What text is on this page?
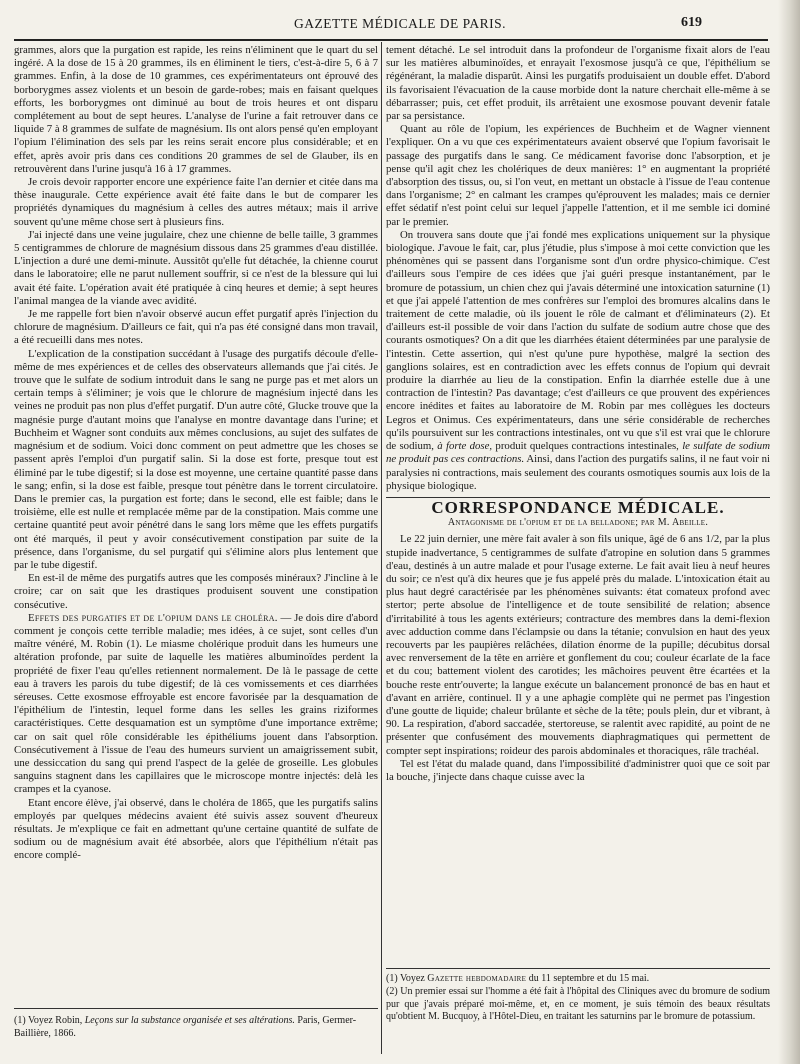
GAZETTE MÉDICALE DE PARIS.	619

grammes, alors que la purgation est rapide, les reins n'éliminent que le quart du sel ingéré. A la dose de 15 à 20 grammes, ils en éliminent le tiers, c'est-à-dire 5, 6 à 7 grammes. Enfin, à la dose de 10 grammes, ces expérimentateurs ont éprouvé des borborygmes assez violents et un besoin de garde-robes; mais en faisant quelques efforts, les borborygmes ont diminué au bout de trois heures et ont disparu complétement au bout de sept heures. L'analyse de l'urine a fait retrouver dans ce liquide 7 à 8 grammes de sulfate de magnésium. Ils ont alors pensé qu'en employant l'opium l'élimination des sels par les reins serait encore plus considérable; et en effet, après avoir pris dans ces conditions 20 grammes de sel de Glauber, ils en retrouvèrent dans l'urine jusqu'à 16 à 17 grammes.

Je crois devoir rapporter encore une expérience faite l'an dernier et citée dans ma thèse inaugurale. Cette expérience avait été faite dans le but de comparer les propriétés dynamiques du magnésium à celles des autres métaux; mais il arrive souvent qu'une même chose sert à plusieurs fins.

J'ai injecté dans une veine jugulaire, chez une chienne de belle taille, 3 grammes 5 centigrammes de chlorure de magnésium dissous dans 25 grammes d'eau distillée. L'injection a duré une demi-minute. Aussitôt qu'elle fut détachée, la chienne courut dans le laboratoire; elle ne parut nullement souffrir, si ce n'est de la blessure qui lui avait été faite. L'opération avait été pratiquée à cinq heures et demie; à sept heures l'animal mangea de la viande avec avidité.

Je me rappelle fort bien n'avoir observé aucun effet purgatif après l'injection du chlorure de magnésium. D'ailleurs ce fait, qui n'a pas été consigné dans mon travail, a été recueilli dans mes notes.

L'explication de la constipation succédant à l'usage des purgatifs découle d'elle-même de mes expériences et de celles des observateurs allemands que j'ai cités. Je trouve que le sulfate de sodium introduit dans le sang ne purge pas et met alors un certain temps à s'éliminer; je vois que le chlorure de magnésium injecté dans les veines ne produit pas non plus d'effet purgatif. D'un autre côté, Glucke trouve que la magnésie purge d'autant moins que l'analyse en montre davantage dans l'urine; et Buchheim et Wagner sont conduits aux mêmes conclusions, au sujet des sulfates de magnésium et de sodium. Voici donc comment on peut admettre que les choses se passent après l'emploi d'un purgatif salin. Si la dose est forte, presque tout est éliminé par le tube digestif; si la dose est moyenne, une certaine quantité passe dans le sang; enfin, si la dose est faible, presque tout pénètre dans le torrent circulatoire. Dans le premier cas, la purgation est forte; dans le second, elle est faible; dans le troisième, elle est nulle et remplacée même par de la constipation. Mais comme une certaine quantité peut avoir pénétré dans le sang lors même que les effets purgatifs ont été marqués, il peut y avoir consécutivement constipation par suite de la présence, dans l'organisme, du sel purgatif qui s'élimine alors plus lentement que par le tube digestif.

En est-il de même des purgatifs autres que les composés minéraux? J'incline à le croire; car on sait que les drastiques produisent souvent une constipation consécutive.

Effets des purgatifs et de l'opium dans le choléra. — Je dois dire d'abord comment je conçois cette terrible maladie; mes idées, à ce sujet, sont celles d'un maître vénéré, M. Robin (1). Le miasme cholérique produit dans les humeurs une altération profonde, par suite de laquelle les matières albuminoïdes perdent la propriété de fixer l'eau qu'elles retiennent normalement. De là le passage de cette eau à travers les parois du tube digestif; de là ces vomissements et ces diarrhées séreuses. Cette exosmose effroyable est encore favorisée par la desquamation de l'épithélium de l'intestin, lequel forme dans les selles les grains riziformes caractéristiques. Cette desquamation est un symptôme d'une importance extrême; car on sait quel rôle considérable les épithéliums jouent dans l'absorption. Consécutivement à l'issue de l'eau des humeurs survient un amaigrissement subit, une dessiccation du sang qui prend l'aspect de la gelée de groseille. Les globules sanguins stagnent dans les capillaires que le microscope montre injectés: delà les crampes et la cyanose.

Etant encore élève, j'ai observé, dans le choléra de 1865, que les purgatifs salins employés par quelques médecins avaient été suivis assez souvent d'heureux résultats. Je m'explique ce fait en admettant qu'une certaine quantité de sulfate de sodium ou de magnésium avait été absorbée, alors que l'épithélium n'était pas encore complé-

(1) Voyez Robin, Leçons sur la substance organisée et ses altérations. Paris, Germer-Baillière, 1866.

tement détaché. Le sel introduit dans la profondeur de l'organisme fixait alors de l'eau sur les matières albuminoïdes, et enrayait l'exosmose jusqu'à ce que, l'épithélium se régénérant, la maladie disparût. Ainsi les purgatifs produisaient un double effet. D'abord ils favorisaient l'évacuation de la cause morbide dont la nature cherchait elle-même à se débarrasser; puis, cet effet produit, ils arrêtaient une exosmose pouvant devenir fatale par sa persistance.

Quant au rôle de l'opium, les expériences de Buchheim et de Wagner viennent l'expliquer. On a vu que ces expérimentateurs avaient observé que l'opium favorisait le passage des purgatifs dans le sang. Ce médicament favorise donc l'absorption, et je pense qu'il agit chez les cholériques de deux manières: 1° en augmentant la propriété d'absorption des tissus, ou, si l'on veut, en mettant un obstacle à l'issue de l'eau contenue dans l'organisme; 2° en calmant les crampes qu'éprouvent les malades; mais ce dernier effet sédatif n'est point celui sur lequel j'appelle l'attention, et il me semble ici dominé par le premier.

On trouvera sans doute que j'ai fondé mes explications uniquement sur la physique biologique. J'avoue le fait, car, plus j'étudie, plus s'impose à moi cette conviction que les phénomènes qui se passent dans l'organisme sont d'un ordre physico-chimique. C'est d'ailleurs sous l'empire de ces idées que j'ai guéri presque instantanément, par le bromure de potassium, un chien chez qui j'avais déterminé une intoxication saturnine (1) et que j'ai appelé l'attention de mes confrères sur l'emploi des bromures alcalins dans le traitement de cette maladie, où ils jouent le rôle de calmant et d'éliminateurs (2). Et d'ailleurs est-il possible de voir dans l'action du sulfate de sodium autre chose que des courants osmotiques? On a dit que les diarrhées étaient déterminées par une paralysie de l'intestin. Cette assertion, qui n'est qu'une pure hypothèse, malgré la section des ganglions solaires, est en contradiction avec les effets connus de l'opium qui devrait produire la diarrhée au lieu de la constipation. Enfin la diarrhée estelle due à une contraction de l'intestin? Pas davantage; c'est d'ailleurs ce que prouvent des expériences encore inédites et faites au laboratoire de M. Robin par mes collègues les docteurs Legros et Onimus. Ces expérimentateurs, dans une série considérable de recherches qu'ils poursuivent sur les contractions intestinales, ont vu que s'il est vrai que le chlorure de sodium, à forte dose, produit quelques contractions intestinales, le sulfate de sodium ne produit pas ces contractions. Ainsi, dans l'action des purgatifs salins, il ne faut voir ni paralysies ni contractions, mais seulement des courants osmotiques soumis aux lois de la physique biologique.

CORRESPONDANCE MÉDICALE.
Antagonisme de l'opium et de la belladone; par M. Abeille.

Le 22 juin dernier, une mère fait avaler à son fils unique, âgé de 6 ans 1/2, par la plus stupide inadvertance, 5 centigrammes de sulfate d'atropine en solution dans 5 grammes d'eau, destinés à un autre malade et pour l'usage externe. Le fait avait lieu à neuf heures du soir; ce n'est qu'à dix heures que je fus appelé près du malade. L'intoxication était au plus haut degré caractérisée par les phénomènes suivants: état comateux profond avec stertor; perte absolue de l'intelligence et de toute sensibilité de relation; absence d'irritabilité à tous les agents extérieurs; contracture des membres dans la demi-flexion avec adduction comme dans l'éclampsie ou dans la tétanie; convulsion en haut des yeux recouverts par les paupières relâchées, dilation énorme de la pupille; décubitus dorsal avec renversement de la tête en arrière et gonflement du cou; couleur écarlate de la face et du cou; battement violent des carotides; les mâchoires peuvent être écartées et la bouche reste entr'ouverte; la langue exécute un balancement prononcé de bas en haut et d'avant en arrière, continuel. Il y a une aphagie complète qui ne permet pas l'ingestion d'une goutte de liquide; chaleur brûlante et sèche de la tête; pouls plein, dur et vibrant, à 90. La respiration, d'abord saccadée, stertoreuse, se ralentit avec rapidité, au point de ne présenter que confusément des mouvements diaphragmatiques qui permettent de compter sept inspirations; roideur des parois abdominales et thoraciques, râle trachéal.

Tel est l'état du malade quand, dans l'impossibilité d'administrer quoi que ce soit par la bouche, j'injecte dans chaque cuisse avec la

(1) Voyez Gazette hebdomadaire du 11 septembre et du 15 mai.

(2) Un premier essai sur l'homme a été fait à l'hôpital des Cliniques avec du bromure de sodium pur que j'avais préparé moi-même, et, en ce moment, je suis témoin des beaux résultats qu'obtient M. Bucquoy, à l'Hôtel-Dieu, en traitant les saturnins par le bromure de potassium.
